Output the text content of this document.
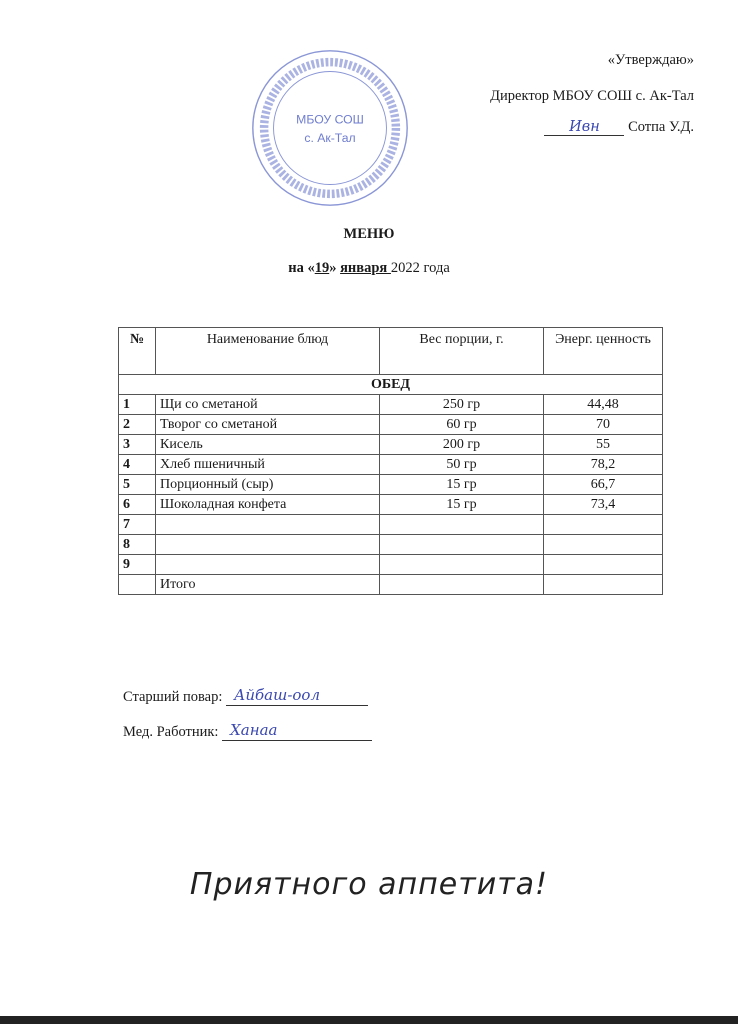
«Утверждаю»
МБОУ СОШ
с. Ак-Тал
Директор МБОУ СОШ с. Ак-Тал
Ивн Сотпа У.Д.
МЕНЮ
на «19» января 2022 года
№	Наименование блюд	Вес порции, г.	Энерг. ценность
ОБЕД			
1	Щи со сметаной	250 гр	44,48
2	Творог со сметаной	60 гр	70
3	Кисель	200 гр	55
4	Хлеб пшеничный	50 гр	78,2
5	Порционный (сыр)	15 гр	66,7
6	Шоколадная конфета	15 гр	73,4
7			
8			
9			
	Итого		
Старший повар: Айбаш-оол
Мед. Работник: Ханаа
Приятного аппетита!
